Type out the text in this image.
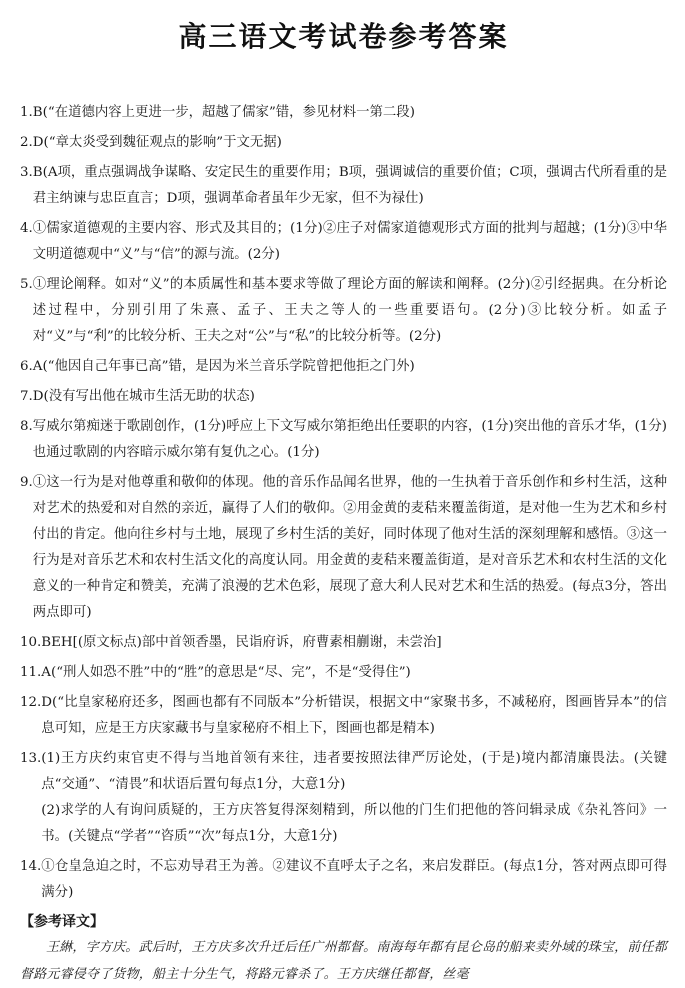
高三语文考试卷参考答案
1. B(“在道德内容上更进一步，超越了儒家”错，参见材料一第二段)
2. D(“章太炎受到魏征观点的影响”于文无据)
3. B(A项，重点强调战争谋略、安定民生的重要作用；B项，强调诚信的重要价值；C项，强调古代所看重的是君主纳谏与忠臣直言；D项，强调革命者虽年少无家，但不为禄仕)
4. ①儒家道德观的主要内容、形式及其目的；(1分)②庄子对儒家道德观形式方面的批判与超越；(1分)③中华文明道德观中“义”与“信”的源与流。(2分)
5. ①理论阐释。如对“义”的本质属性和基本要求等做了理论方面的解读和阐释。(2分)②引经据典。在分析论述过程中，分别引用了朱熹、孟子、王夫之等人的一些重要语句。(2分)③比较分析。如孟子对“义”与“利”的比较分析、王夫之对“公”与“私”的比较分析等。(2分)
6. A(“他因自己年事已高”错，是因为米兰音乐学院曾把他拒之门外)
7. D(没有写出他在城市生活无助的状态)
8. 写威尔第痴迷于歌剧创作，(1分)呼应上下文写威尔第拒绝出任要职的内容，(1分)突出他的音乐才华，(1分)也通过歌剧的内容暗示威尔第有复仇之心。(1分)
9. ①这一行为是对他尊重和敬仰的体现。他的音乐作品闻名世界，他的一生执着于音乐创作和乡村生活，这种对艺术的热爱和对自然的亲近，赢得了人们的敬仰。②用金黄的麦秸来覆盖街道，是对他一生为艺术和乡村付出的肯定。他向往乡村与土地，展现了乡村生活的美好，同时体现了他对生活的深刻理解和感悟。③这一行为是对音乐艺术和农村生活文化的高度认同。用金黄的麦秸来覆盖街道，是对音乐艺术和农村生活的文化意义的一种肯定和赞美，充满了浪漫的艺术色彩，展现了意大利人民对艺术和生活的热爱。(每点3分，答出两点即可)
10. BEH[(原文标点)部中首领香墨，民诣府诉，府曹素相蒯谢，未尝治]
11. A(“刑人如恐不胜”中的“胜”的意思是“尽、完”，不是“受得住”)
12. D(“比皇家秘府还多，图画也都有不同版本”分析错误，根据文中“家聚书多，不减秘府，图画皆异本”的信息可知，应是王方庆家藏书与皇家秘府不相上下，图画也都是精本)
13. (1)王方庆约束官吏不得与当地首领有来往，违者要按照法律严厉论处，(于是)境内都清廉畏法。(关键点“交通”、“清畏”和状语后置句每点1分，大意1分)
(2)求学的人有询问质疑的，王方庆答复得深刻精到，所以他的门生们把他的答问辑录成《杂礼答问》一书。(关键点“学者”“咨质”“次”每点1分，大意1分)
14. ①仓皇急迫之时，不忘劝导君王为善。②建议不直呼太子之名，来启发群臣。(每点1分，答对两点即可得满分)
【参考译文】

王綝，字方庆。武后时，王方庆多次升迁后任广州都督。南海每年都有昆仑岛的船来卖外域的珠宝，前任都督路元睿侵夺了货物，船主十分生气，将路元睿杀了。王方庆继任都督，丝毫
